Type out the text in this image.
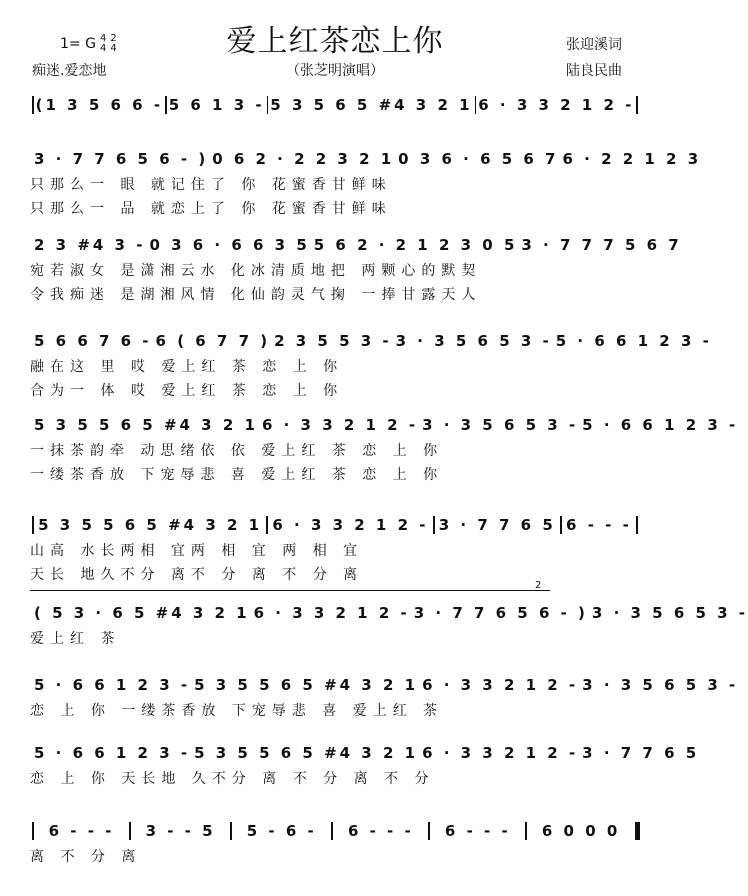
爱上红茶恋上你
（张芝明演唱）
1= G 4
4
2
4
痴迷.爱恋地
张迎溪词
陆良民曲
(1 3 5 6 6 - 5 6 1 3 - 5 3 5 6 5 #4 3 2 1 6 · 3 3 2 1 2 -
3 · 7 7 6 5 6 - ) 0 6 2 · 2 2 3 2 1 0 3 6 · 6 5 6 7 6 · 2 2 1 2 3
只那么一 眼 就记住了 你 花蜜香甘鲜味
只那么一 品 就恋上了 你 花蜜香甘鲜味
2 3 #4 3 - 0 3 6 · 6 6 3 5 5 6 2 · 2 1 2 3 0 5 3 · 7 7 7 5 6 7
宛若淑女 是潇湘云水 化冰清质地把 两颗心的默契
令我痴迷 是湖湘风情 化仙韵灵气掬 一捧甘露天人
5 6 6 7 6 - 6 ( 6 7 7 ) 2 3 5 5 3 - 3 · 3 5 6 5 3 - 5 · 6 6 1 2 3 -
融在这 里 哎 爱上红 茶 恋 上 你
合为一 体 哎 爱上红 茶 恋 上 你
5 3 5 5 6 5 #4 3 2 1 6 · 3 3 2 1 2 - 3 · 3 5 6 5 3 - 5 · 6 6 1 2 3 -
一抹茶韵牵 动思绪依 依 爱上红 茶 恋 上 你
一缕茶香放 下宠辱悲 喜 爱上红 茶 恋 上 你
5 3 5 5 6 5 #4 3 2 1 6 · 3 3 2 1 2 - 3 · 7 7 6 5 6 - - -
山高 水长两相 宜两 相 宜 两 相 宜
天长 地久不分 离不 分 离 不 分 离
( 5 3 · 6 5 #4 3 2 1 6 · 3 3 2 1 2 - 3 · 7 7 6 5 6 - ) 3 · 3 5 6 5 3 -
爱上红 茶
2
5 · 6 6 1 2 3 - 5 3 5 5 6 5 #4 3 2 1 6 · 3 3 2 1 2 - 3 · 3 5 6 5 3 -
恋 上 你 一缕茶香放 下宠辱悲 喜 爱上红 茶
5 · 6 6 1 2 3 - 5 3 5 5 6 5 #4 3 2 1 6 · 3 3 2 1 2 - 3 · 7 7 6 5
恋 上 你 天长地 久不分 离 不 分 离 不 分
6 - - - 3 - - 5 5 - 6 - 6 - - - 6 - - - 6 0 0 0
离 不 分 离
